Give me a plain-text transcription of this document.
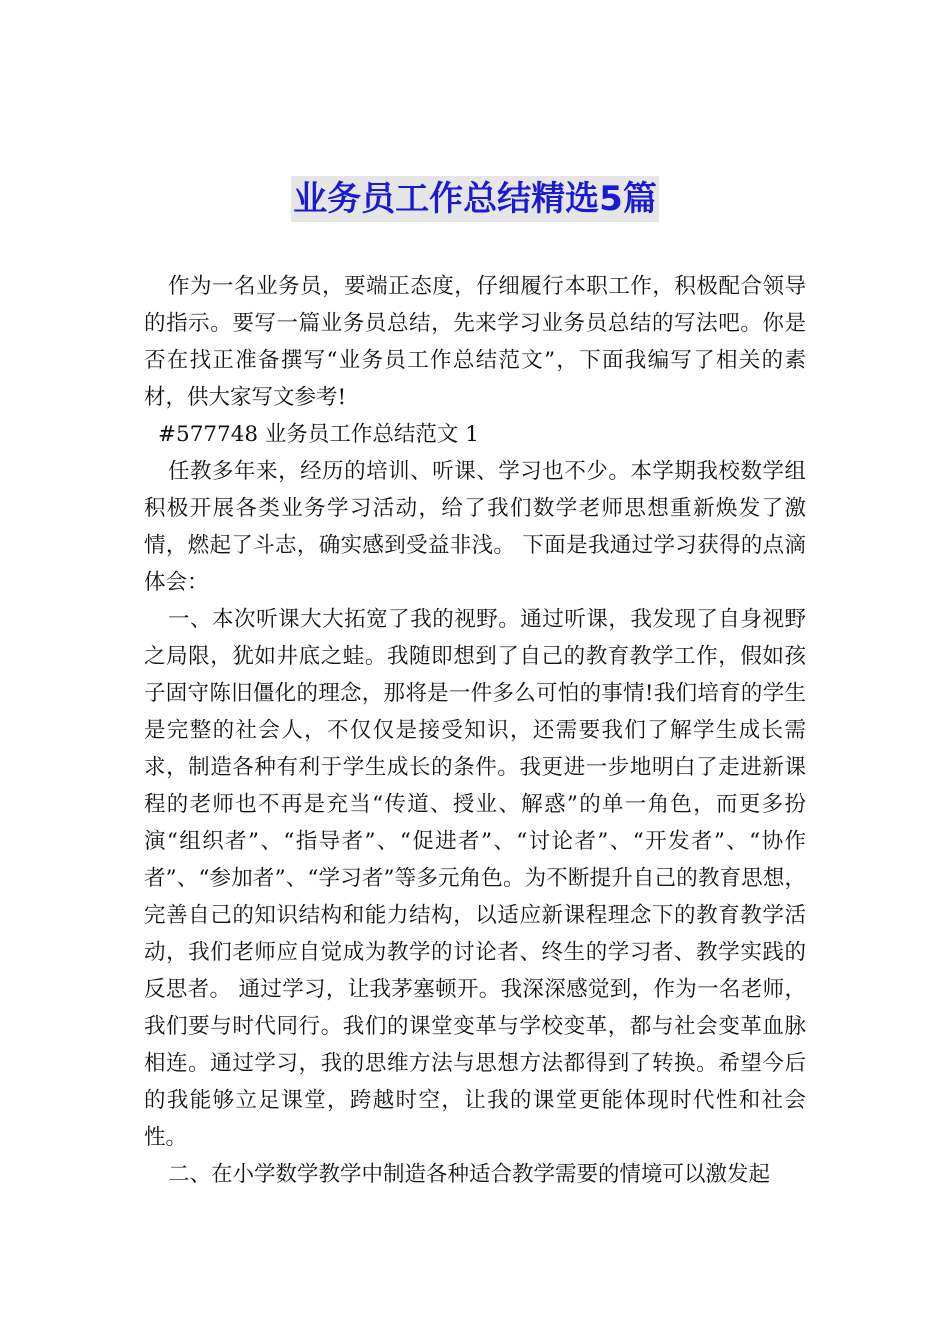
业务员工作总结精选5篇

作为一名业务员，要端正态度，仔细履行本职工作，积极配合领导的指示。要写一篇业务员总结，先来学习业务员总结的写法吧。你是否在找正准备撰写“业务员工作总结范文”，下面我编写了相关的素材，供大家写文参考!

#577748 业务员工作总结范文 1

任教多年来，经历的培训、听课、学习也不少。本学期我校数学组积极开展各类业务学习活动，给了我们数学老师思想重新焕发了激情，燃起了斗志，确实感到受益非浅。 下面是我通过学习获得的点滴体会：

一、本次听课大大拓宽了我的视野。通过听课，我发现了自身视野之局限，犹如井底之蛙。我随即想到了自己的教育教学工作，假如孩子固守陈旧僵化的理念，那将是一件多么可怕的事情!我们培育的学生是完整的社会人，不仅仅是接受知识，还需要我们了解学生成长需求，制造各种有利于学生成长的条件。我更进一步地明白了走进新课程的老师也不再是充当“传道、授业、解惑”的单一角色，而更多扮演“组织者”、“指导者”、“促进者”、“讨论者”、“开发者”、“协作者”、“参加者”、“学习者”等多元角色。为不断提升自己的教育思想，完善自己的知识结构和能力结构，以适应新课程理念下的教育教学活动，我们老师应自觉成为教学的讨论者、终生的学习者、教学实践的反思者。 通过学习，让我茅塞顿开。我深深感觉到，作为一名老师，我们要与时代同行。我们的课堂变革与学校变革，都与社会变革血脉相连。通过学习，我的思维方法与思想方法都得到了转换。希望今后的我能够立足课堂，跨越时空，让我的课堂更能体现时代性和社会性。

二、在小学数学教学中制造各种适合教学需要的情境可以激发起
